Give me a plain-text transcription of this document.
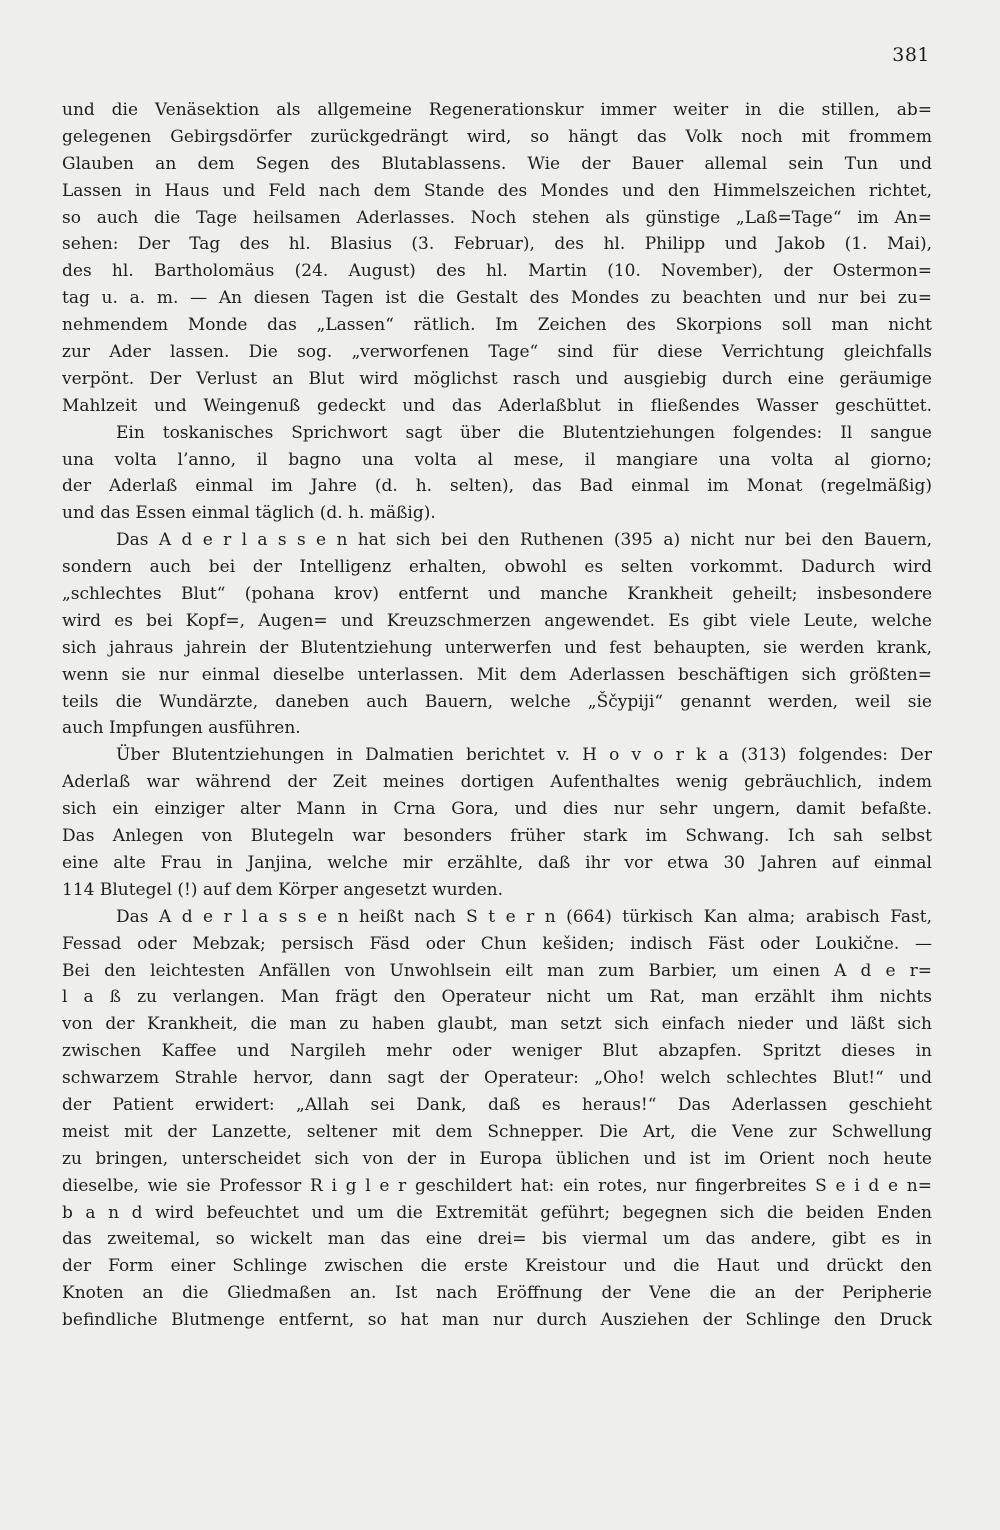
381
und die Venäsektion als allgemeine Regenerationskur immer weiter in die stillen, ab=
gelegenen Gebirgsdörfer zurückgedrängt wird, so hängt das Volk noch mit frommem
Glauben an dem Segen des Blutablassens. Wie der Bauer allemal sein Tun und
Lassen in Haus und Feld nach dem Stande des Mondes und den Himmelszeichen richtet,
so auch die Tage heilsamen Aderlasses. Noch stehen als günstige „Laß=Tage“ im An=
sehen: Der Tag des hl. Blasius (3. Februar), des hl. Philipp und Jakob (1. Mai),
des hl. Bartholomäus (24. August) des hl. Martin (10. November), der Ostermon=
tag u. a. m. — An diesen Tagen ist die Gestalt des Mondes zu beachten und nur bei zu=
nehmendem Monde das „Lassen“ rätlich. Im Zeichen des Skorpions soll man nicht
zur Ader lassen. Die sog. „verworfenen Tage“ sind für diese Verrichtung gleichfalls
verpönt. Der Verlust an Blut wird möglichst rasch und ausgiebig durch eine geräumige
Mahlzeit und Weingenuß gedeckt und das Aderlaßblut in fließendes Wasser geschüttet.
Ein toskanisches Sprichwort sagt über die Blutentziehungen folgendes: Il sangue
una volta l’anno, il bagno una volta al mese, il mangiare una volta al giorno;
der Aderlaß einmal im Jahre (d. h. selten), das Bad einmal im Monat (regelmäßig)
und das Essen einmal täglich (d. h. mäßig).
Das A d e r l a s s e n hat sich bei den Ruthenen (395 a) nicht nur bei den Bauern,
sondern auch bei der Intelligenz erhalten, obwohl es selten vorkommt. Dadurch wird
„schlechtes Blut“ (pohana krov) entfernt und manche Krankheit geheilt; insbesondere
wird es bei Kopf=, Augen= und Kreuzschmerzen angewendet. Es gibt viele Leute, welche
sich jahraus jahrein der Blutentziehung unterwerfen und fest behaupten, sie werden krank,
wenn sie nur einmal dieselbe unterlassen. Mit dem Aderlassen beschäftigen sich größten=
teils die Wundärzte, daneben auch Bauern, welche „Ščypiji“ genannt werden, weil sie
auch Impfungen ausführen.
Über Blutentziehungen in Dalmatien berichtet v. H o v o r k a (313) folgendes: Der
Aderlaß war während der Zeit meines dortigen Aufenthaltes wenig gebräuchlich, indem
sich ein einziger alter Mann in Crna Gora, und dies nur sehr ungern, damit befaßte.
Das Anlegen von Blutegeln war besonders früher stark im Schwang. Ich sah selbst
eine alte Frau in Janjina, welche mir erzählte, daß ihr vor etwa 30 Jahren auf einmal
114 Blutegel (!) auf dem Körper angesetzt wurden.
Das A d e r l a s s e n heißt nach S t e r n (664) türkisch Kan alma; arabisch Fast,
Fessad oder Mebzak; persisch Fäsd oder Chun kešiden; indisch Fäst oder Loukične. —
Bei den leichtesten Anfällen von Unwohlsein eilt man zum Barbier, um einen A d e r=
l a ß zu verlangen. Man frägt den Operateur nicht um Rat, man erzählt ihm nichts
von der Krankheit, die man zu haben glaubt, man setzt sich einfach nieder und läßt sich
zwischen Kaffee und Nargileh mehr oder weniger Blut abzapfen. Spritzt dieses in
schwarzem Strahle hervor, dann sagt der Operateur: „Oho! welch schlechtes Blut!“ und
der Patient erwidert: „Allah sei Dank, daß es heraus!“ Das Aderlassen geschieht
meist mit der Lanzette, seltener mit dem Schnepper. Die Art, die Vene zur Schwellung
zu bringen, unterscheidet sich von der in Europa üblichen und ist im Orient noch heute
dieselbe, wie sie Professor R i g l e r geschildert hat: ein rotes, nur fingerbreites S e i d e n=
b a n d wird befeuchtet und um die Extremität geführt; begegnen sich die beiden Enden
das zweitemal, so wickelt man das eine drei= bis viermal um das andere, gibt es in
der Form einer Schlinge zwischen die erste Kreistour und die Haut und drückt den
Knoten an die Gliedmaßen an. Ist nach Eröffnung der Vene die an der Peripherie
befindliche Blutmenge entfernt, so hat man nur durch Ausziehen der Schlinge den Druck
